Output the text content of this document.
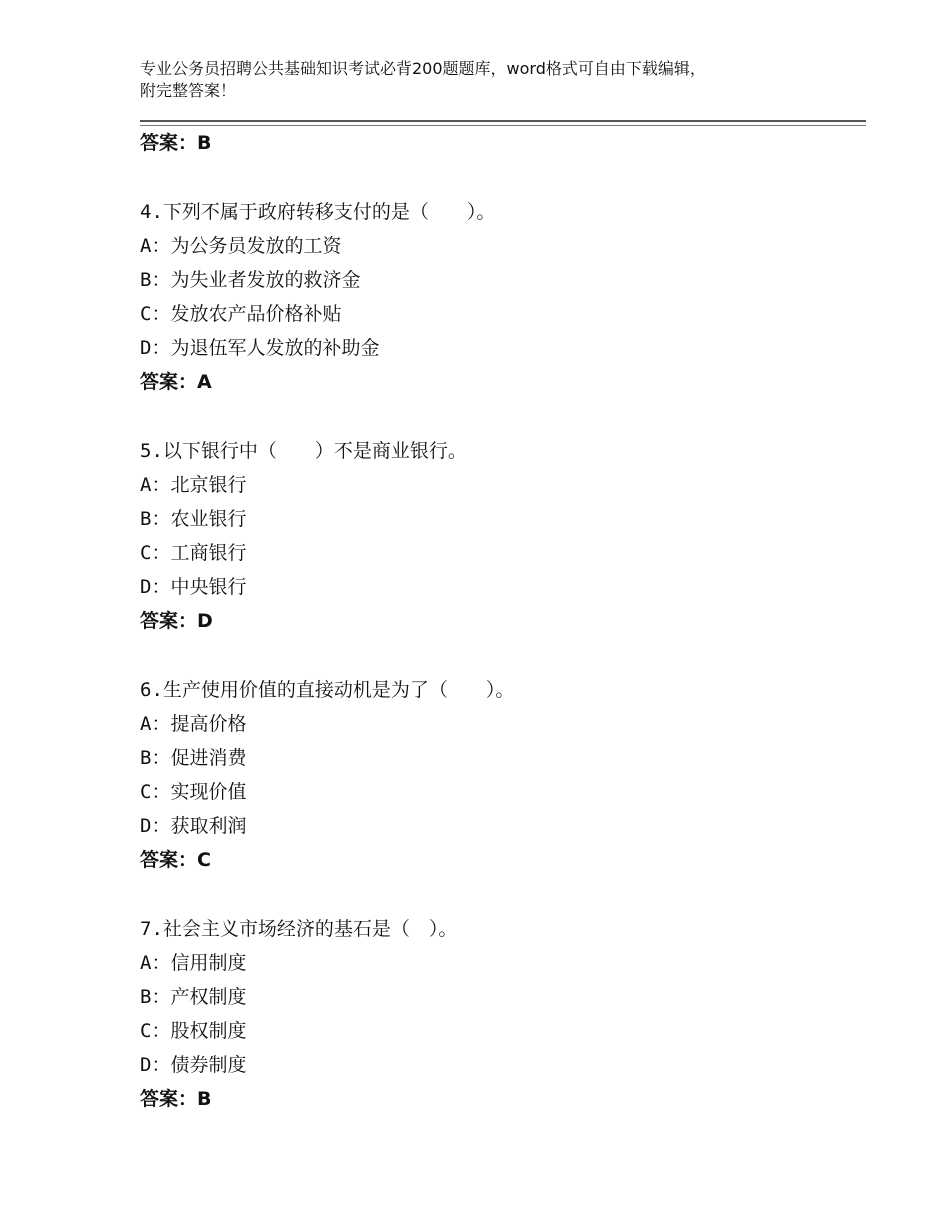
专业公务员招聘公共基础知识考试必背200题题库，word格式可自由下载编辑，
附完整答案！
答案：B
4.下列不属于政府转移支付的是（　　）。
A：为公务员发放的工资
B：为失业者发放的救济金
C：发放农产品价格补贴
D：为退伍军人发放的补助金
答案：A
5.以下银行中（　　）不是商业银行。
A：北京银行
B：农业银行
C：工商银行
D：中央银行
答案：D
6.生产使用价值的直接动机是为了（　　）。
A：提高价格
B：促进消费
C：实现价值
D：获取利润
答案：C
7.社会主义市场经济的基石是（　）。
A：信用制度
B：产权制度
C：股权制度
D：债券制度
答案：B
